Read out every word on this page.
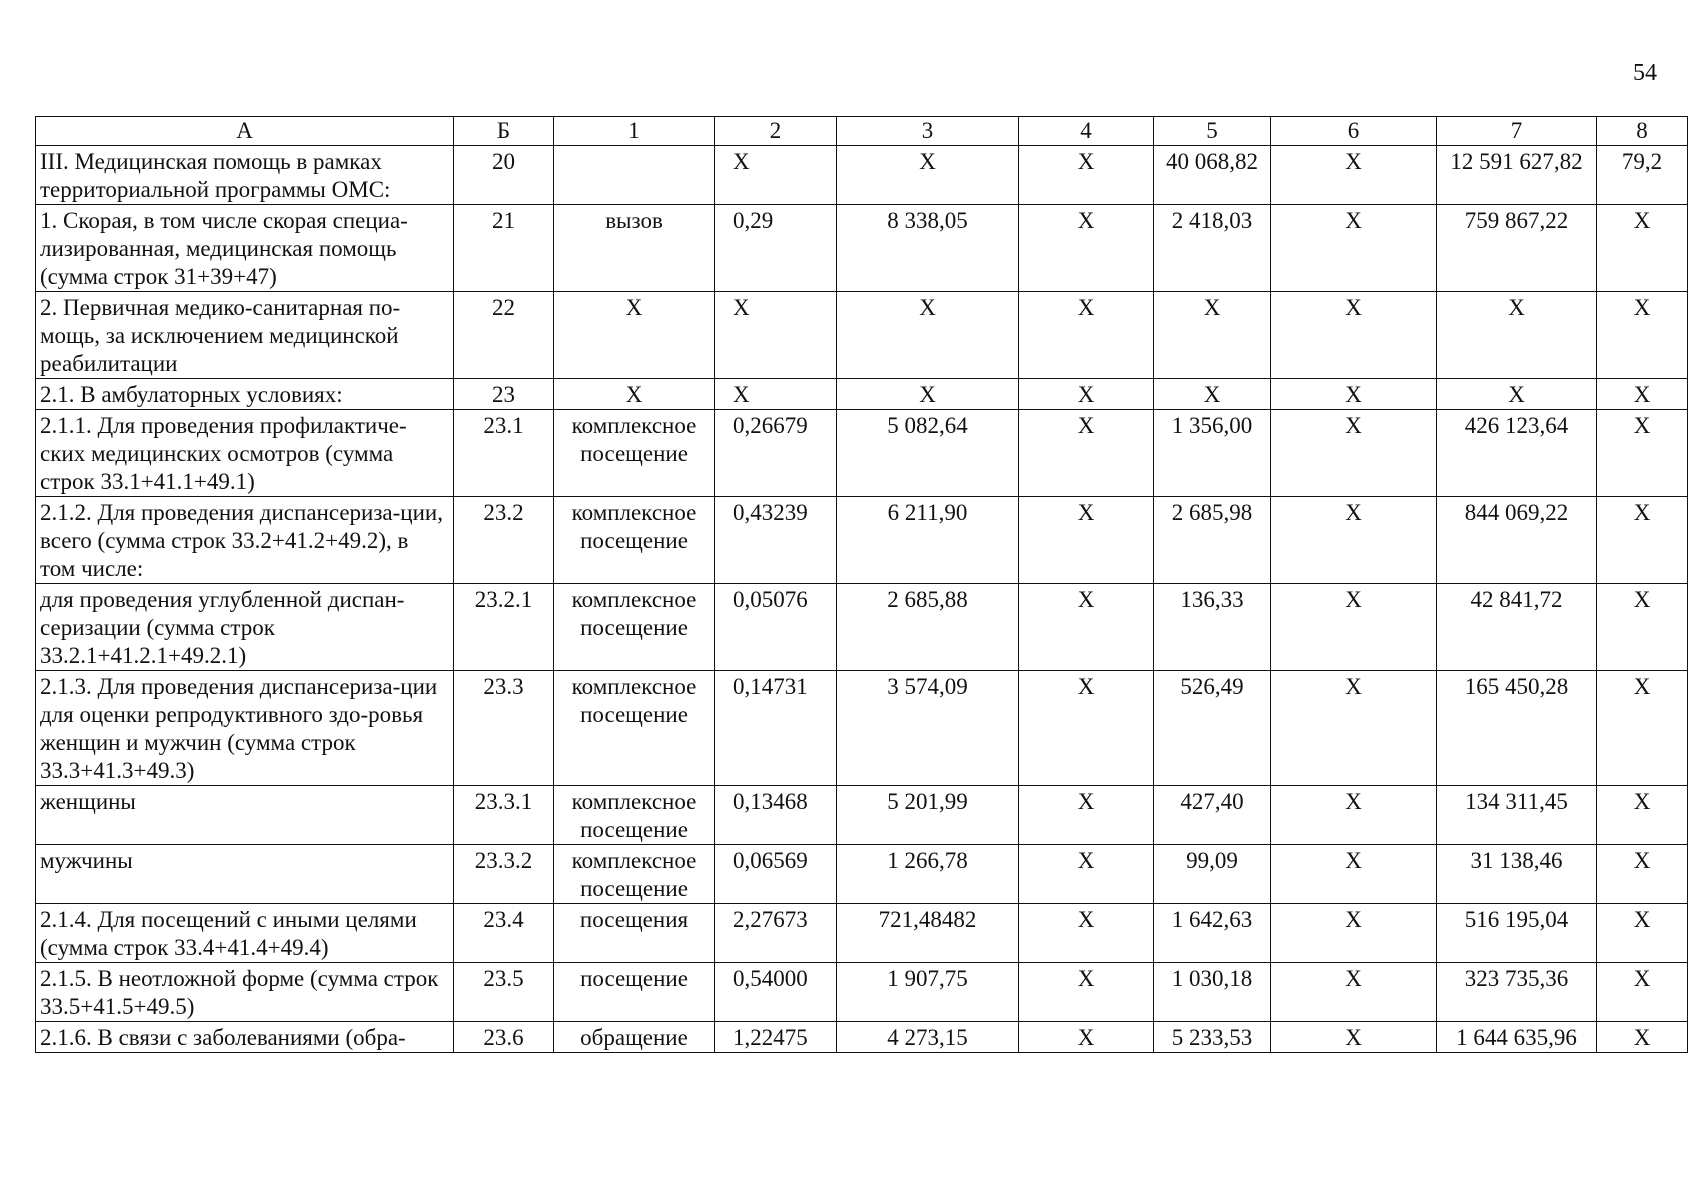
54
А	Б	1	2	3	4	5	6	7	8
III. Медицинская помощь в рамках территориальной программы ОМС:	20		Х	Х	Х	40 068,82	Х	12 591 627,82	79,2
1. Скорая, в том числе скорая специа-лизированная, медицинская помощь (сумма строк 31+39+47)	21	вызов	0,29	8 338,05	Х	2 418,03	Х	759 867,22	Х
2. Первичная медико-санитарная по-мощь, за исключением медицинской реабилитации	22	Х	Х	Х	Х	Х	Х	Х	Х
2.1. В амбулаторных условиях:	23	Х	Х	Х	Х	Х	Х	Х	Х
2.1.1. Для проведения профилактиче-ских медицинских осмотров (сумма строк 33.1+41.1+49.1)	23.1	комплексное посещение	0,26679	5 082,64	Х	1 356,00	Х	426 123,64	Х
2.1.2. Для проведения диспансериза-ции, всего (сумма строк 33.2+41.2+49.2), в том числе:	23.2	комплексное посещение	0,43239	6 211,90	Х	2 685,98	Х	844 069,22	Х
для проведения углубленной диспан-серизации (сумма строк 33.2.1+41.2.1+49.2.1)	23.2.1	комплексное посещение	0,05076	2 685,88	Х	136,33	Х	42 841,72	Х
2.1.3. Для проведения диспансериза-ции для оценки репродуктивного здо-ровья женщин и мужчин (сумма строк 33.3+41.3+49.3)	23.3	комплексное посещение	0,14731	3 574,09	Х	526,49	Х	165 450,28	Х
женщины	23.3.1	комплексное посещение	0,13468	5 201,99	Х	427,40	Х	134 311,45	Х
мужчины	23.3.2	комплексное посещение	0,06569	1 266,78	Х	99,09	Х	31 138,46	Х
2.1.4. Для посещений с иными целями (сумма строк 33.4+41.4+49.4)	23.4	посещения	2,27673	721,48482	Х	1 642,63	Х	516 195,04	Х
2.1.5. В неотложной форме (сумма строк 33.5+41.5+49.5)	23.5	посещение	0,54000	1 907,75	Х	1 030,18	Х	323 735,36	Х
2.1.6. В связи с заболеваниями (обра-	23.6	обращение	1,22475	4 273,15	Х	5 233,53	Х	1 644 635,96	Х
